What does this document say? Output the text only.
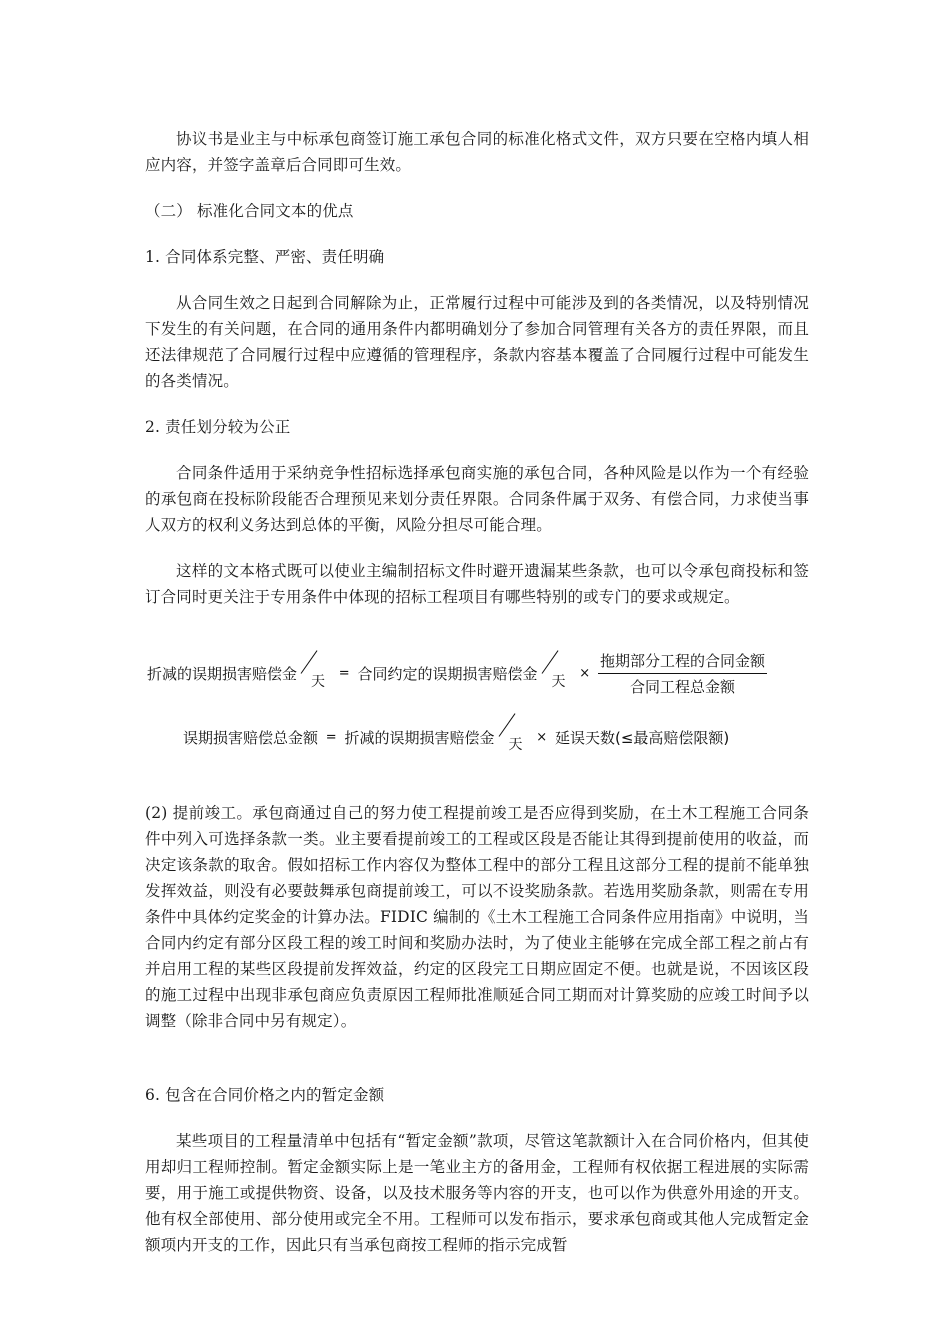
协议书是业主与中标承包商签订施工承包合同的标准化格式文件，双方只要在空格内填人相应内容，并签字盖章后合同即可生效。

（二） 标准化合同文本的优点

1. 合同体系完整、严密、责任明确

从合同生效之日起到合同解除为止，正常履行过程中可能涉及到的各类情况，以及特别情况下发生的有关问题，在合同的通用条件内都明确划分了参加合同管理有关各方的责任界限，而且还法律规范了合同履行过程中应遵循的管理程序，条款内容基本覆盖了合同履行过程中可能发生的各类情况。

2. 责任划分较为公正

合同条件适用于采纳竞争性招标选择承包商实施的承包合同，各种风险是以作为一个有经验的承包商在投标阶段能否合理预见来划分责任界限。合同条件属于双务、有偿合同，力求使当事人双方的权利义务达到总体的平衡，风险分担尽可能合理。

这样的文本格式既可以使业主编制招标文件时避开遗漏某些条款，也可以令承包商投标和签订合同时更关注于专用条件中体现的招标工程项目有哪些特别的或专门的要求或规定。

折减的误期损害赔偿金 天 = 合同约定的误期损害赔偿金 天 × $\frac{\text{拖期部分工程的合同金额}}{\text{合同工程总金额}}$
误期损害赔偿总金额 = 折减的误期损害赔偿金 天 × 延误天数(≤最高赔偿限额)

(2) 提前竣工。承包商通过自己的努力使工程提前竣工是否应得到奖励，在土木工程施工合同条件中列入可选择条款一类。业主要看提前竣工的工程或区段是否能让其得到提前使用的收益，而决定该条款的取舍。假如招标工作内容仅为整体工程中的部分工程且这部分工程的提前不能单独发挥效益，则没有必要鼓舞承包商提前竣工，可以不设奖励条款。若选用奖励条款，则需在专用条件中具体约定奖金的计算办法。FIDIC 编制的《土木工程施工合同条件应用指南》中说明，当合同内约定有部分区段工程的竣工时间和奖励办法时，为了使业主能够在完成全部工程之前占有并启用工程的某些区段提前发挥效益，约定的区段完工日期应固定不便。也就是说，不因该区段的施工过程中出现非承包商应负责原因工程师批准顺延合同工期而对计算奖励的应竣工时间予以调整（除非合同中另有规定）。

6. 包含在合同价格之内的暂定金额

某些项目的工程量清单中包括有“暂定金额”款项，尽管这笔款额计入在合同价格内，但其使用却归工程师控制。暂定金额实际上是一笔业主方的备用金，工程师有权依据工程进展的实际需要，用于施工或提供物资、设备，以及技术服务等内容的开支，也可以作为供意外用途的开支。他有权全部使用、部分使用或完全不用。工程师可以发布指示，要求承包商或其他人完成暂定金额项内开支的工作，因此只有当承包商按工程师的指示完成暂
